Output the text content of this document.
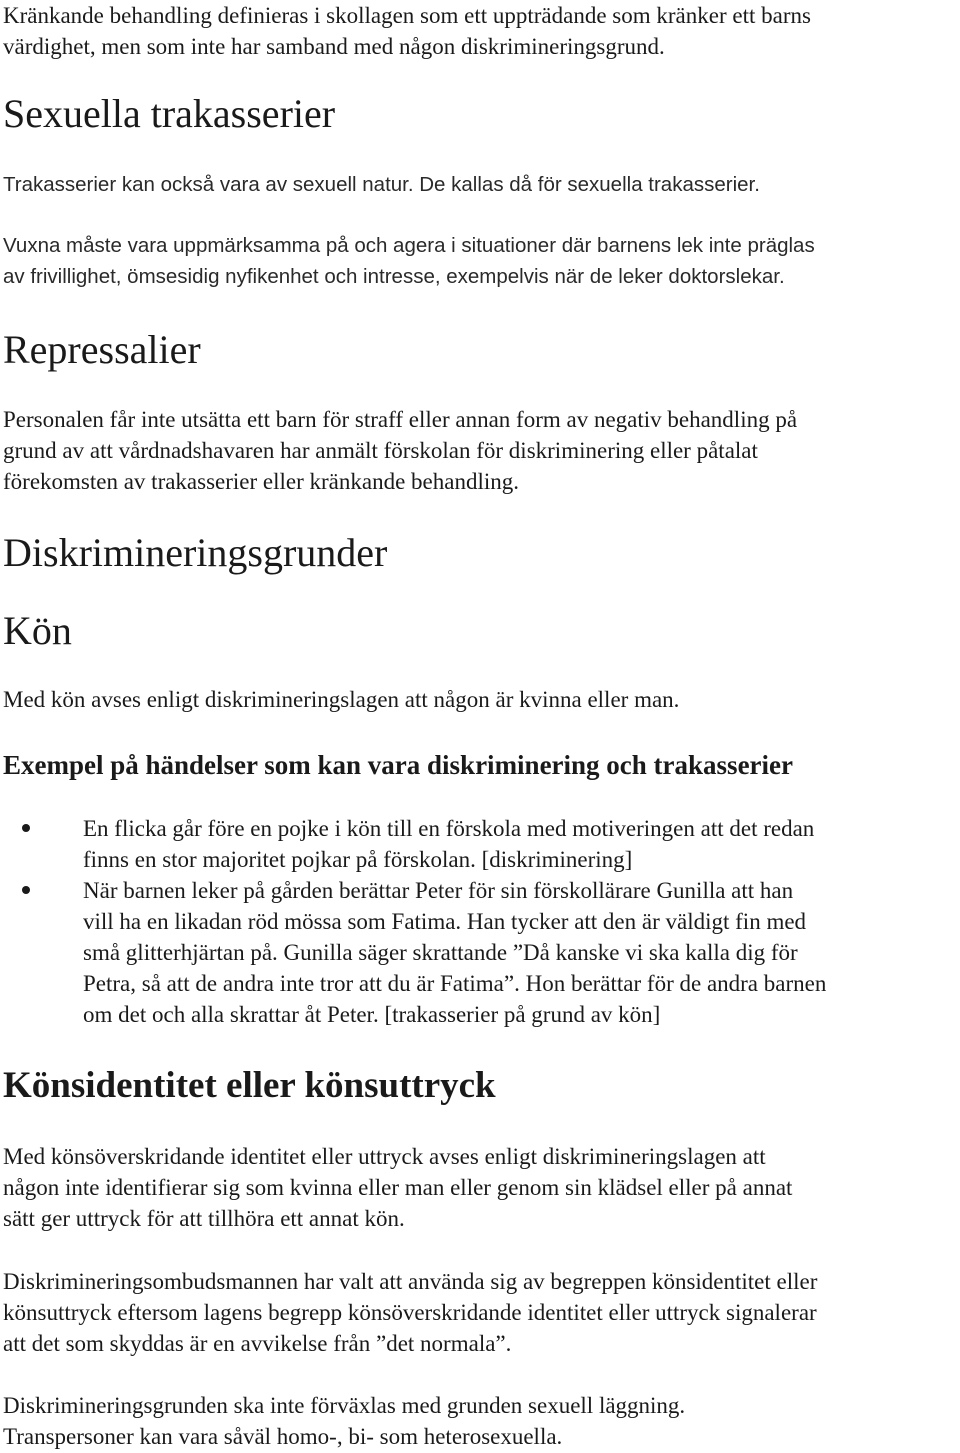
Kränkande behandling definieras i skollagen som ett uppträdande som kränker ett barns
värdighet, men som inte har samband med någon diskrimineringsgrund.

Sexuella trakasserier

Trakasserier kan också vara av sexuell natur. De kallas då för sexuella trakasserier.

Vuxna måste vara uppmärksamma på och agera i situationer där barnens lek inte präglas
av frivillighet, ömsesidig nyfikenhet och intresse, exempelvis när de leker doktorslekar.

Repressalier

Personalen får inte utsätta ett barn för straff eller annan form av negativ behandling på
grund av att vårdnadshavaren har anmält förskolan för diskriminering eller påtalat
förekomsten av trakasserier eller kränkande behandling.

Diskrimineringsgrunder
Kön

Med kön avses enligt diskrimineringslagen att någon är kvinna eller man.

Exempel på händelser som kan vara diskriminering och trakasserier
En flicka går före en pojke i kön till en förskola med motiveringen att det redan
finns en stor majoritet pojkar på förskolan. [diskriminering]
När barnen leker på gården berättar Peter för sin förskollärare Gunilla att han
vill ha en likadan röd mössa som Fatima. Han tycker att den är väldigt fin med
små glitterhjärtan på. Gunilla säger skrattande ”Då kanske vi ska kalla dig för
Petra, så att de andra inte tror att du är Fatima”. Hon berättar för de andra barnen
om det och alla skrattar åt Peter. [trakasserier på grund av kön]
Könsidentitet eller könsuttryck

Med könsöverskridande identitet eller uttryck avses enligt diskrimineringslagen att
någon inte identifierar sig som kvinna eller man eller genom sin klädsel eller på annat
sätt ger uttryck för att tillhöra ett annat kön.

Diskrimineringsombudsmannen har valt att använda sig av begreppen könsidentitet eller
könsuttryck eftersom lagens begrepp könsöverskridande identitet eller uttryck signalerar
att det som skyddas är en avvikelse från ”det normala”.

Diskrimineringsgrunden ska inte förväxlas med grunden sexuell läggning.
Transpersoner kan vara såväl homo-, bi- som heterosexuella.
